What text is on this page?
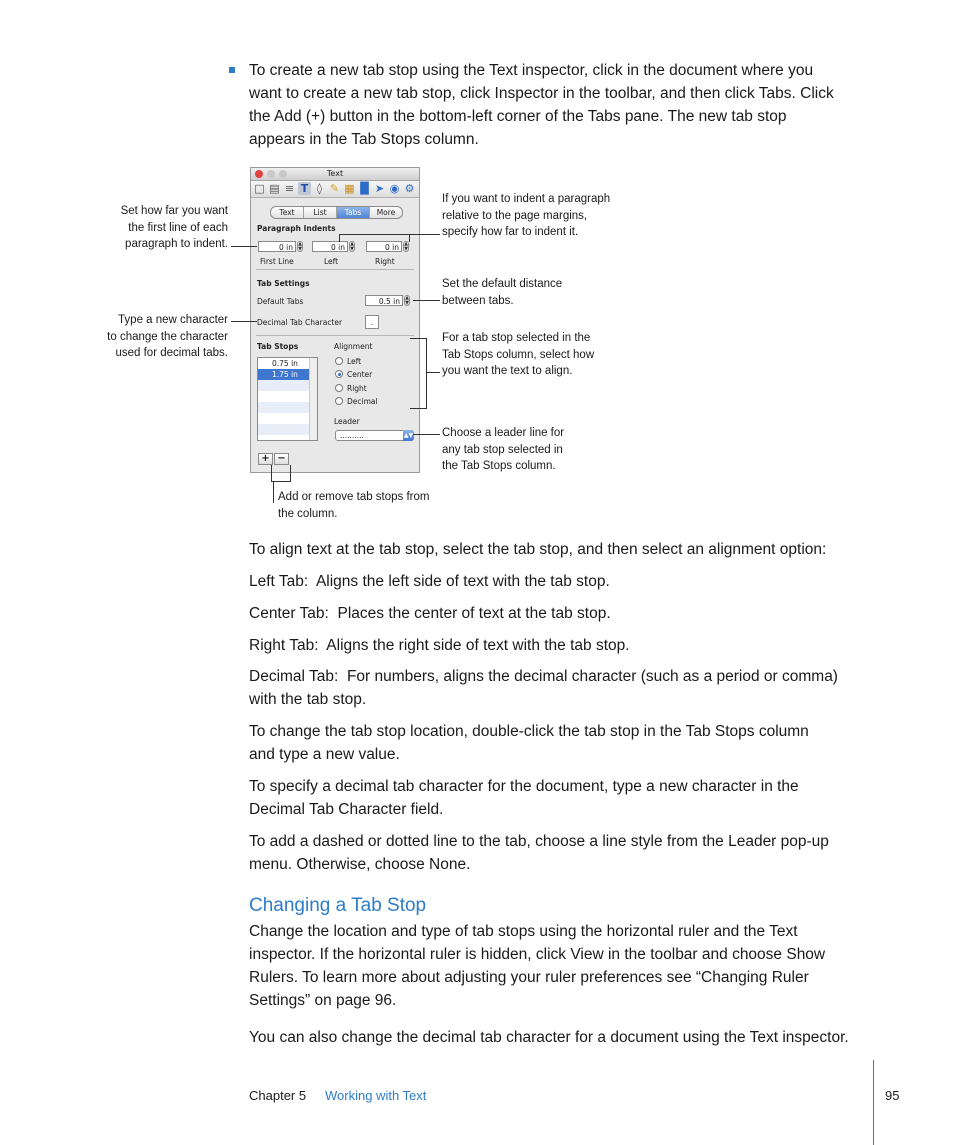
To create a new tab stop using the Text inspector, click in the document where you
want to create a new tab stop, click Inspector in the toolbar, and then click Tabs. Click
the Add (+) button in the bottom-left corner of the Tabs pane. The new tab stop
appears in the Tab Stops column.
Text
□ ▤ ≡ T ◊ ✎ ▦ █ ➤ ◉ ⚙
Text	List	Tabs	More
Paragraph Indents
0 in	▲
▼	0 in	▲
▼	0 in	▲
▼
First Line	Left	Right
Tab Settings
Default Tabs	0.5 in	▲
▼
Decimal Tab Character	.
Tab Stops
0.75 in
1.75 in
Alignment
Left
Center
Right
Decimal
Leader
..........	▲▼
+ −
Set how far you want
the first line of each
paragraph to indent.
If you want to indent a paragraph
relative to the page margins,
specify how far to indent it.
Set the default distance
between tabs.
Type a new character
to change the character
used for decimal tabs.
For a tab stop selected in the
Tab Stops column, select how
you want the text to align.
Choose a leader line for
any tab stop selected in
the Tab Stops column.
Add or remove tab stops from
the column.
To align text at the tab stop, select the tab stop, and then select an alignment option:
Left Tab: Aligns the left side of text with the tab stop.
Center Tab: Places the center of text at the tab stop.
Right Tab: Aligns the right side of text with the tab stop.
Decimal Tab: For numbers, aligns the decimal character (such as a period or comma)
with the tab stop.
To change the tab stop location, double-click the tab stop in the Tab Stops column
and type a new value.
To specify a decimal tab character for the document, type a new character in the
Decimal Tab Character field.
To add a dashed or dotted line to the tab, choose a line style from the Leader pop-up
menu. Otherwise, choose None.
Changing a Tab Stop
Change the location and type of tab stops using the horizontal ruler and the Text
inspector. If the horizontal ruler is hidden, click View in the toolbar and choose Show
Rulers. To learn more about adjusting your ruler preferences see “Changing Ruler
Settings” on page 96.
You can also change the decimal tab character for a document using the Text inspector.
Chapter 5 Working with Text	95
